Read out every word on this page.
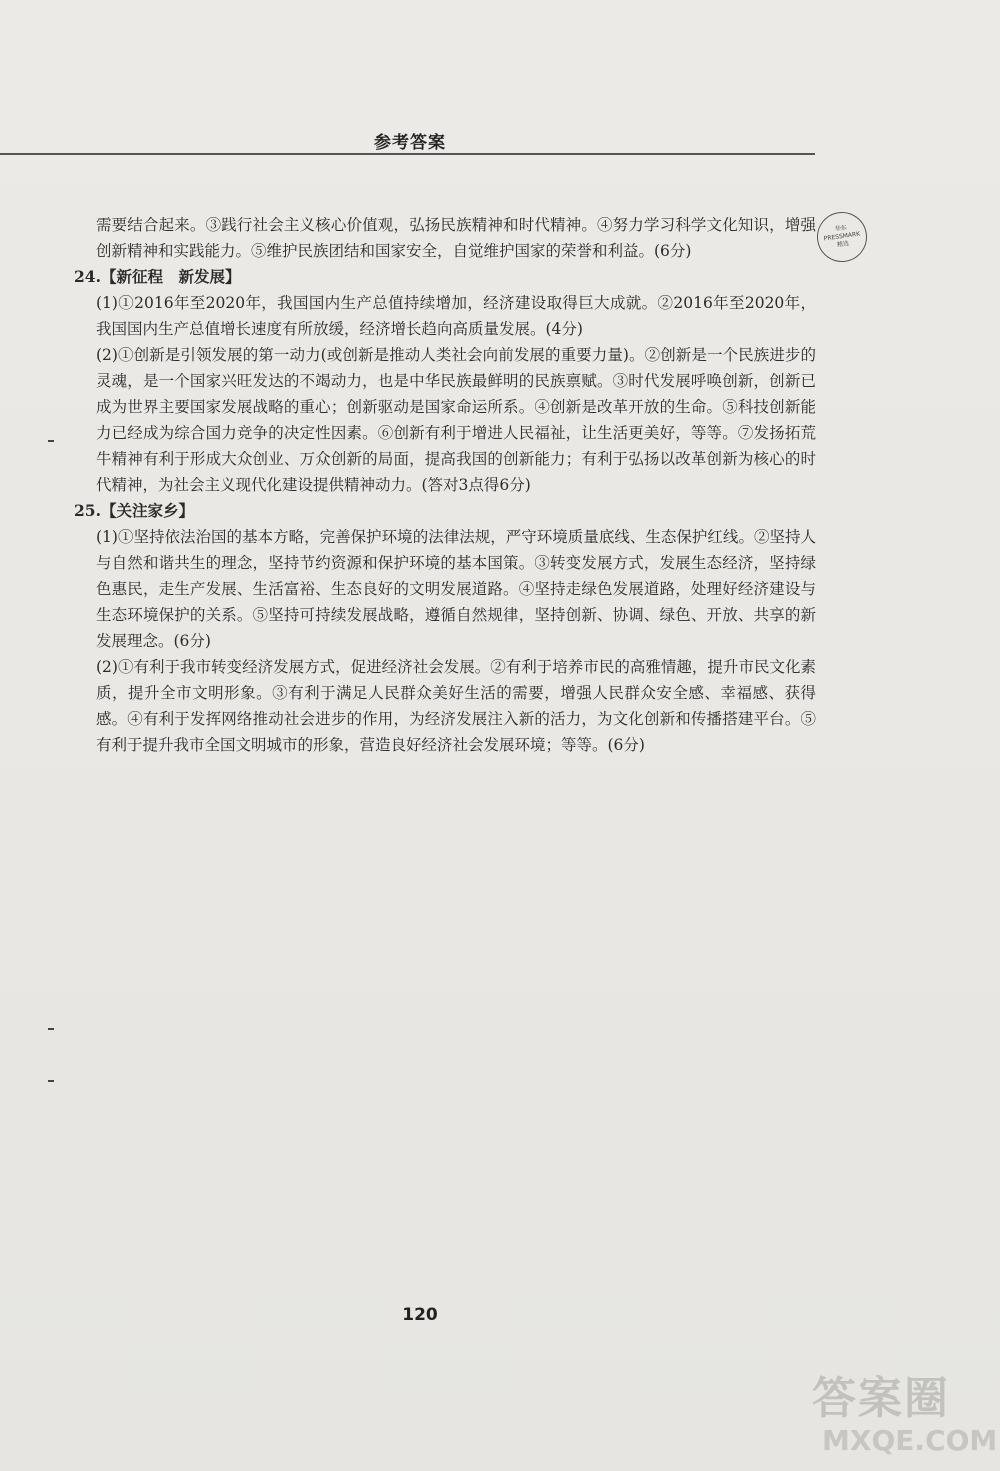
参考答案
华东
PRESSMARK
精选

需要结合起来。③践行社会主义核心价值观，弘扬民族精神和时代精神。④努力学习科学文化知识，增强创新精神和实践能力。⑤维护民族团结和国家安全，自觉维护国家的荣誉和利益。(6分)

24.【新征程　新发展】

(1)①2016年至2020年，我国国内生产总值持续增加，经济建设取得巨大成就。②2016年至2020年，我国国内生产总值增长速度有所放缓，经济增长趋向高质量发展。(4分)

(2)①创新是引领发展的第一动力(或创新是推动人类社会向前发展的重要力量)。②创新是一个民族进步的灵魂，是一个国家兴旺发达的不竭动力，也是中华民族最鲜明的民族禀赋。③时代发展呼唤创新，创新已成为世界主要国家发展战略的重心；创新驱动是国家命运所系。④创新是改革开放的生命。⑤科技创新能力已经成为综合国力竞争的决定性因素。⑥创新有利于增进人民福祉，让生活更美好，等等。⑦发扬拓荒牛精神有利于形成大众创业、万众创新的局面，提高我国的创新能力；有利于弘扬以改革创新为核心的时代精神，为社会主义现代化建设提供精神动力。(答对3点得6分)

25.【关注家乡】

(1)①坚持依法治国的基本方略，完善保护环境的法律法规，严守环境质量底线、生态保护红线。②坚持人与自然和谐共生的理念，坚持节约资源和保护环境的基本国策。③转变发展方式，发展生态经济，坚持绿色惠民，走生产发展、生活富裕、生态良好的文明发展道路。④坚持走绿色发展道路，处理好经济建设与生态环境保护的关系。⑤坚持可持续发展战略，遵循自然规律，坚持创新、协调、绿色、开放、共享的新发展理念。(6分)

(2)①有利于我市转变经济发展方式，促进经济社会发展。②有利于培养市民的高雅情趣，提升市民文化素质，提升全市文明形象。③有利于满足人民群众美好生活的需要，增强人民群众安全感、幸福感、获得感。④有利于发挥网络推动社会进步的作用，为经济发展注入新的活力，为文化创新和传播搭建平台。⑤有利于提升我市全国文明城市的形象，营造良好经济社会发展环境；等等。(6分)

120
答案圈
MXQE.COM
